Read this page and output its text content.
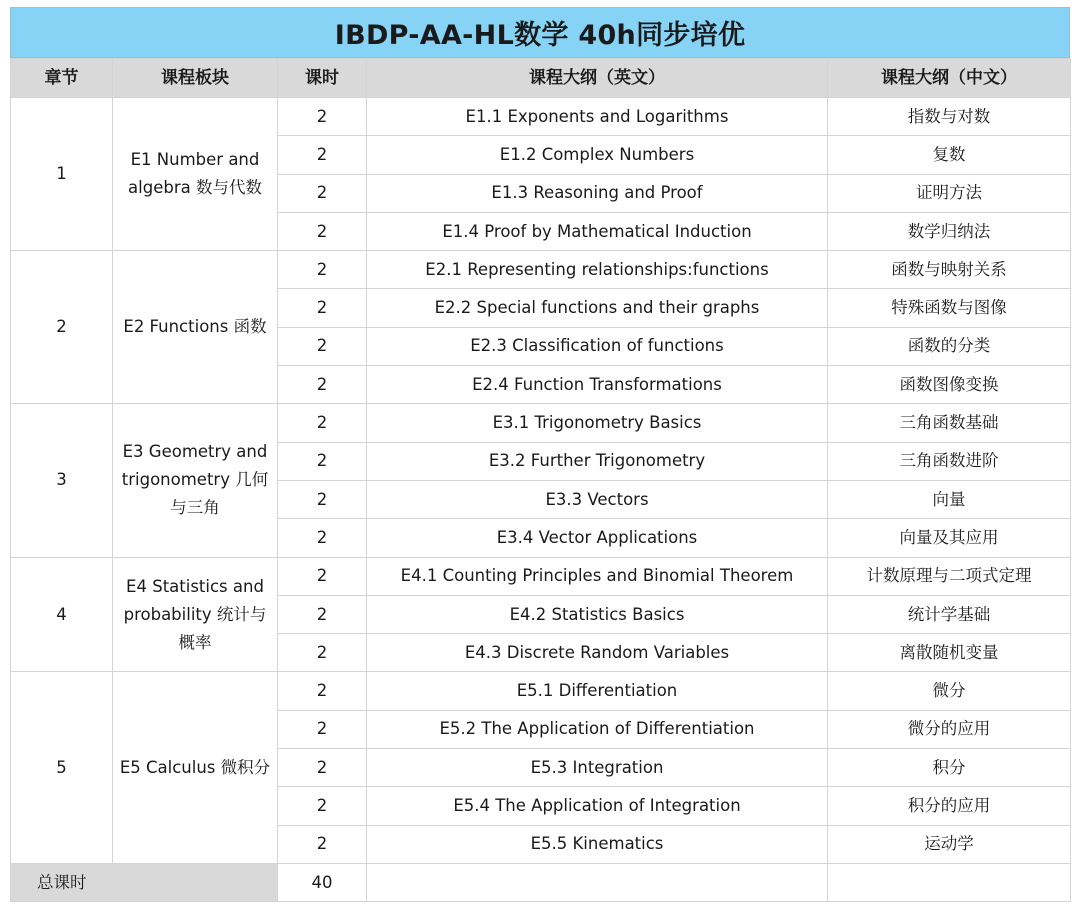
IBDP-AA-HL数学 40h同步培优
章节	课程板块	课时	课程大纲（英文）	课程大纲（中文）
1	E1 Number and algebra 数与代数	2	E1.1 Exponents and Logarithms	指数与对数
		2	E1.2 Complex Numbers	复数
		2	E1.3 Reasoning and Proof	证明方法
		2	E1.4 Proof by Mathematical Induction	数学归纳法
2	E2 Functions 函数	2	E2.1 Representing relationships:functions	函数与映射关系
		2	E2.2 Special functions and their graphs	特殊函数与图像
		2	E2.3 Classification of functions	函数的分类
		2	E2.4 Function Transformations	函数图像变换
3	E3 Geometry and trigonometry 几何与三角	2	E3.1 Trigonometry Basics	三角函数基础
		2	E3.2 Further Trigonometry	三角函数进阶
		2	E3.3 Vectors	向量
		2	E3.4 Vector Applications	向量及其应用
4	E4 Statistics and probability 统计与概率	2	E4.1 Counting Principles and Binomial Theorem	计数原理与二项式定理
		2	E4.2 Statistics Basics	统计学基础
		2	E4.3 Discrete Random Variables	离散随机变量
5	E5 Calculus 微积分	2	E5.1 Differentiation	微分
		2	E5.2 The Application of Differentiation	微分的应用
		2	E5.3 Integration	积分
		2	E5.4 The Application of Integration	积分的应用
		2	E5.5 Kinematics	运动学
总课时		40		
